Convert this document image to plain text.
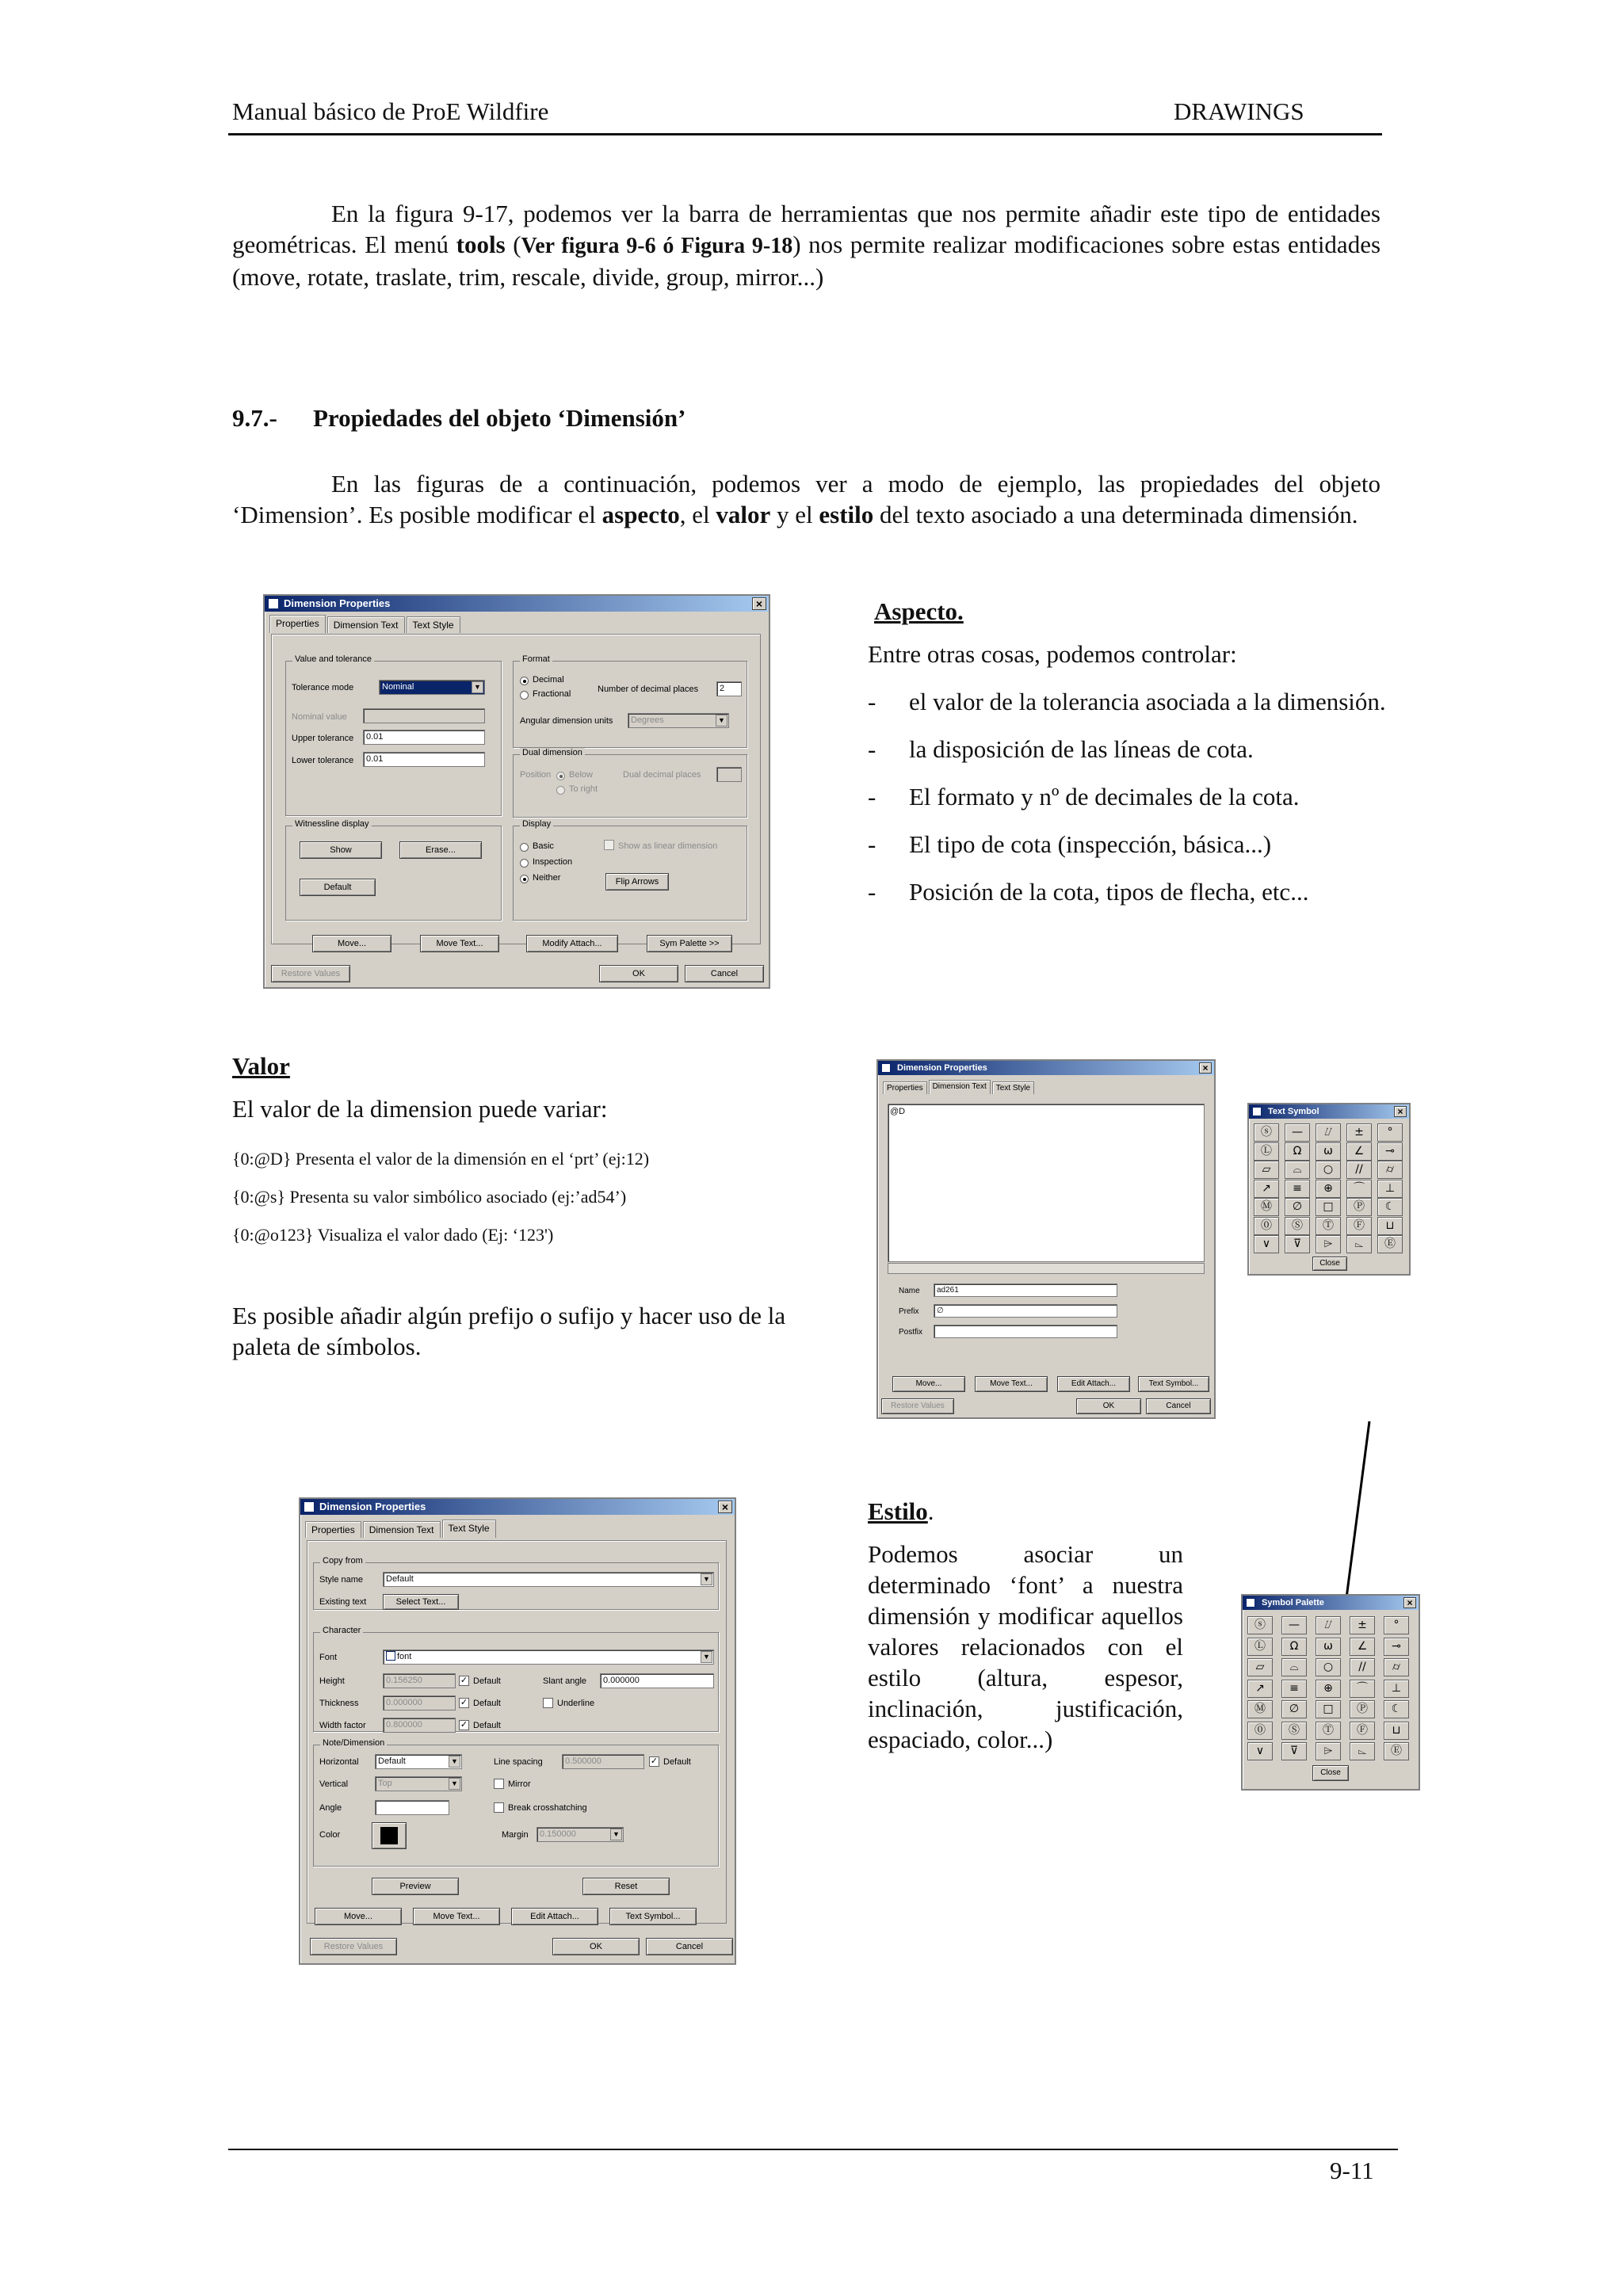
Manual básico de ProE Wildfire	DRAWINGS

En la figura 9-17, podemos ver la barra de herramientas que nos permite añadir este tipo de entidades geométricas. El menú tools (Ver figura 9-6 ó Figura 9-18) nos permite realizar modificaciones sobre estas entidades (move, rotate, traslate, trim, rescale, divide, group, mirror...)

9.7.- Propiedades del objeto ‘Dimensión’

En las figuras de a continuación, podemos ver a modo de ejemplo, las propiedades del objeto ‘Dimension’. Es posible modificar el aspecto, el valor y el estilo del texto asociado a una determinada dimensión.

Dimension Properties	×
Properties	Dimension Text	Text Style
Value and tolerance
Tolerance mode	Nominal	▼
Nominal value
Upper tolerance	0.01
Lower tolerance	0.01
Format
Decimal
Fractional	Number of decimal places	2
Angular dimension units	Degrees	▼
Dual dimension
Position Below
To right
Dual decimal places
Witnessline display
Show	Erase...
Default
Display
Basic
Inspection
Neither
Show as linear dimension
Flip Arrows
Move...	Move Text...	Modify Attach...	Sym Palette >>
Restore Values	OK	Cancel
Aspecto.
Entre otras cosas, podemos controlar:
-	el valor de la tolerancia asociada a la dimensión.
-	la disposición de las líneas de cota.
-	El formato y nº de decimales de la cota.
-	El tipo de cota (inspección, básica...)
-	Posición de la cota, tipos de flecha, etc...
Valor
El valor de la dimension puede variar:
{0:@D} Presenta el valor de la dimensión en el ‘prt’ (ej:12)
{0:@s} Presenta su valor simbólico asociado (ej:’ad54’)
{0:@o123} Visualiza el valor dado (Ej: ‘123')
Es posible añadir algún prefijo o sufijo y hacer uso de la paleta de símbolos.
Dimension Properties	×
Properties	Dimension Text	Text Style
@D
Name	ad261
Prefix	∅
Postfix
Move...	Move Text...	Edit Attach...	Text Symbol...
Restore Values	OK	Cancel
Text Symbol	×
Close
ⓢ	—	⌰	±	°
Ⓛ	Ω	ω	∠	⊸
▱	⌓	○	//	⌭
↗	≡	⊕	⌒	⊥
Ⓜ	∅	□	Ⓟ	☾
⓪	Ⓢ	Ⓣ	Ⓕ	⊔
∨	⊽	⌲	⌳	Ⓔ
Estilo.

Podemos asociar un determinado ‘font’ a nuestra dimensión y modificar aquellos valores relacionados con el estilo (altura, espesor, inclinación, justificación, espaciado, color...)

Symbol Palette	×
Close
ⓢ	—	⌰	±	°
Ⓛ	Ω	ω	∠	⊸
▱	⌓	○	//	⌭
↗	≡	⊕	⌒	⊥
Ⓜ	∅	□	Ⓟ	☾
⓪	Ⓢ	Ⓣ	Ⓕ	⊔
∨	⊽	⌲	⌳	Ⓔ
Dimension Properties	×
Properties	Dimension Text	Text Style
Copy from
Style name	Default	▼
Existing text	Select Text...
Character
Font	font	▼
Height	0.156250	✓ Default	Slant angle	0.000000
Thickness	0.000000	✓ Default	Underline
Width factor	0.800000	✓ Default
Note/Dimension
Horizontal	Default	▼	Line spacing	0.500000	✓ Default
Vertical	Top	▼	Mirror
Angle	Break crosshatching
Color	Margin	0.150000	▼
Preview	Reset
Move...	Move Text...	Edit Attach...	Text Symbol...
Restore Values	OK	Cancel
9-11
